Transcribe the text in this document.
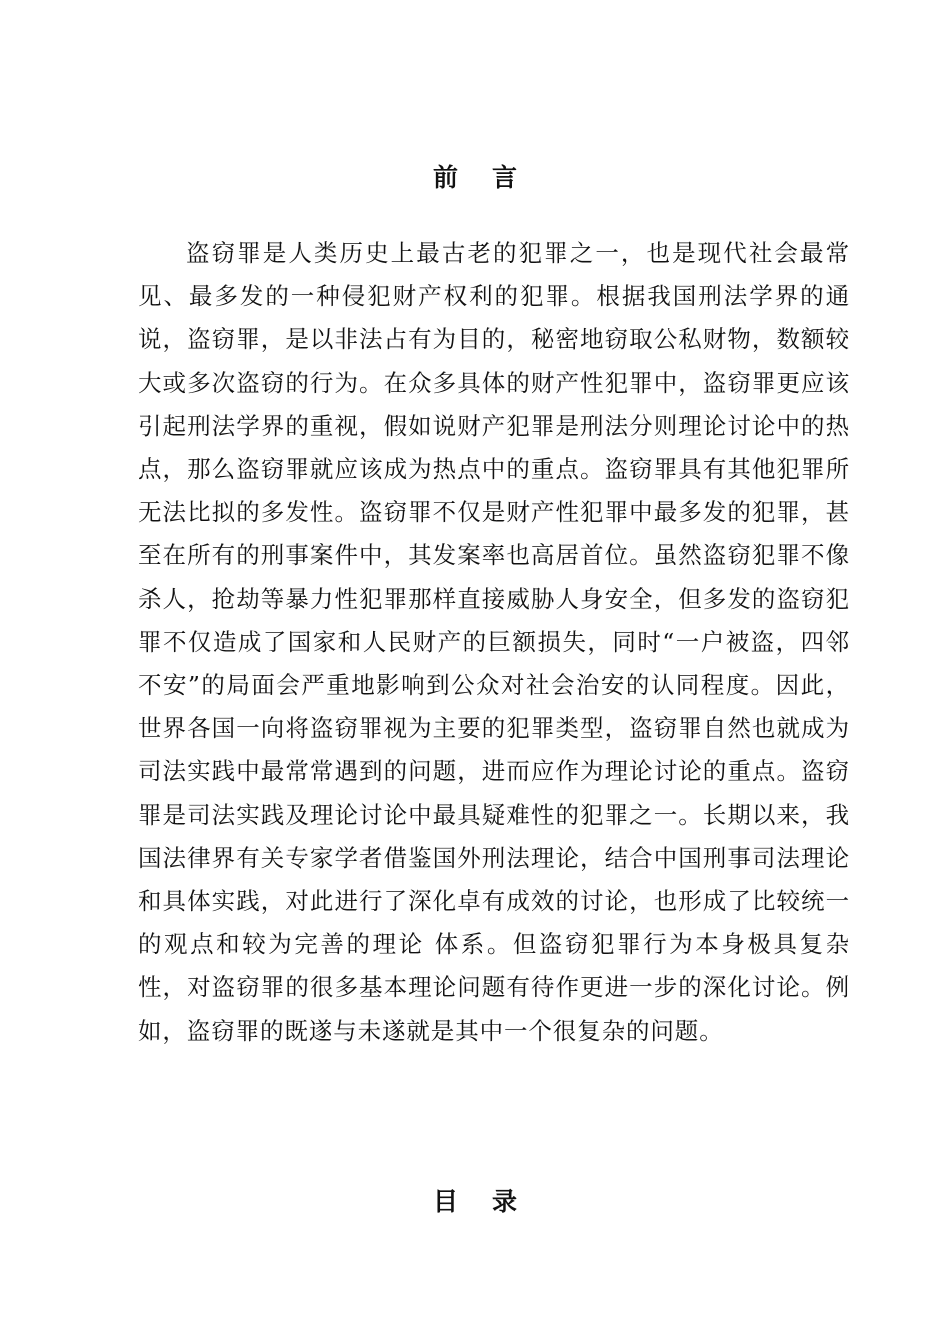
前言

盗窃罪是人类历史上最古老的犯罪之一，也是现代社会最常见、最多发的一种侵犯财产权利的犯罪。根据我国刑法学界的通说，盗窃罪，是以非法占有为目的，秘密地窃取公私财物，数额较大或多次盗窃的行为。在众多具体的财产性犯罪中，盗窃罪更应该引起刑法学界的重视，假如说财产犯罪是刑法分则理论讨论中的热点，那么盗窃罪就应该成为热点中的重点。盗窃罪具有其他犯罪所无法比拟的多发性。盗窃罪不仅是财产性犯罪中最多发的犯罪，甚至在所有的刑事案件中，其发案率也高居首位。虽然盗窃犯罪不像杀人，抢劫等暴力性犯罪那样直接威胁人身安全，但多发的盗窃犯罪不仅造成了国家和人民财产的巨额损失，同时“一户被盗，四邻不安”的局面会严重地影响到公众对社会治安的认同程度。因此，世界各国一向将盗窃罪视为主要的犯罪类型，盗窃罪自然也就成为司法实践中最常常遇到的问题，进而应作为理论讨论的重点。盗窃罪是司法实践及理论讨论中最具疑难性的犯罪之一。长期以来，我国法律界有关专家学者借鉴国外刑法理论，结合中国刑事司法理论和具体实践，对此进行了深化卓有成效的讨论，也形成了比较统一的观点和较为完善的理论 体系。但盗窃犯罪行为本身极具复杂性，对盗窃罪的很多基本理论问题有待作更进一步的深化讨论。例如，盗窃罪的既遂与未遂就是其中一个很复杂的问题。

目录
